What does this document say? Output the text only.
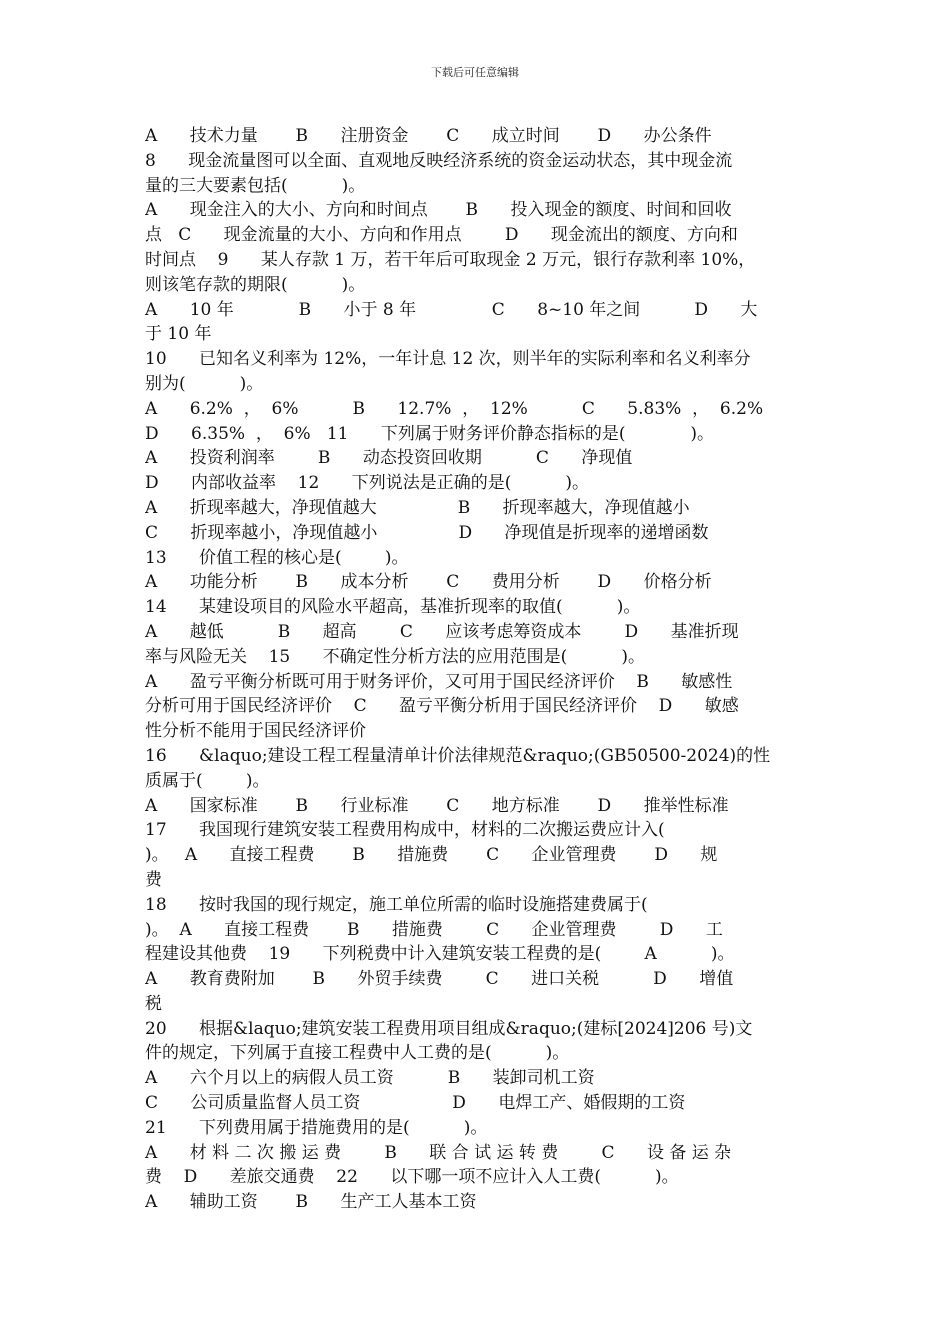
下载后可任意编辑
A      技术力量       B      注册资金       C      成立时间       D      办公条件
8      现金流量图可以全面、直观地反映经济系统的资金运动状态，其中现金流
量的三大要素包括(          )。
A      现金注入的大小、方向和时间点       B      投入现金的额度、时间和回收
点   C      现金流量的大小、方向和作用点        D      现金流出的额度、方向和
时间点    9      某人存款 1 万，若干年后可取现金 2 万元，银行存款利率 10%，
则该笔存款的期限(          )。
A      10 年            B      小于 8 年              C      8~10 年之间          D      大
于 10 年
10      已知名义利率为 12%，一年计息 12 次，则半年的实际利率和名义利率分
别为(          )。
A      6.2%  ，  6%          B      12.7%  ，  12%          C      5.83%  ，  6.2%
D      6.35%  ，  6%   11      下列属于财务评价静态指标的是(            )。
A      投资利润率        B      动态投资回收期          C      净现值
D      内部收益率    12      下列说法是正确的是(          )。
A      折现率越大，净现值越大               B      折现率越大，净现值越小
C      折现率越小，净现值越小               D      净现值是折现率的递增函数
13      价值工程的核心是(        )。
A      功能分析       B      成本分析       C      费用分析       D      价格分析
14      某建设项目的风险水平超高，基准折现率的取值(          )。
A      越低          B      超高        C      应该考虑筹资成本        D      基准折现
率与风险无关    15      不确定性分析方法的应用范围是(          )。
A      盈亏平衡分析既可用于财务评价，又可用于国民经济评价    B      敏感性
分析可用于国民经济评价    C      盈亏平衡分析用于国民经济评价    D      敏感
性分析不能用于国民经济评价
16      &laquo;建设工程工程量清单计价法律规范&raquo;(GB50500-2024)的性
质属于(        )。
A      国家标准       B      行业标准       C      地方标准       D      推举性标准
17      我国现行建筑安装工程费用构成中，材料的二次搬运费应计入(
)。   A      直接工程费       B      措施费       C      企业管理费       D      规
费
18      按时我国的现行规定，施工单位所需的临时设施搭建费属于(
)。  A      直接工程费       B      措施费        C      企业管理费        D      工
程建设其他费    19      下列税费中计入建筑安装工程费的是(        A          )。
A      教育费附加       B      外贸手续费        C      进口关税          D      增值
税
20      根据&laquo;建筑安装工程费用项目组成&raquo;(建标[2024]206 号)文
件的规定，下列属于直接工程费中人工费的是(          )。
A      六个月以上的病假人员工资          B      装卸司机工资
C      公司质量监督人员工资                 D      电焊工产、婚假期的工资
21      下列费用属于措施费用的是(          )。
A      材 料 二 次 搬 运 费        B      联 合 试 运 转 费        C      设 备 运 杂
费    D      差旅交通费    22      以下哪一项不应计入人工费(          )。
A      辅助工资       B      生产工人基本工资
